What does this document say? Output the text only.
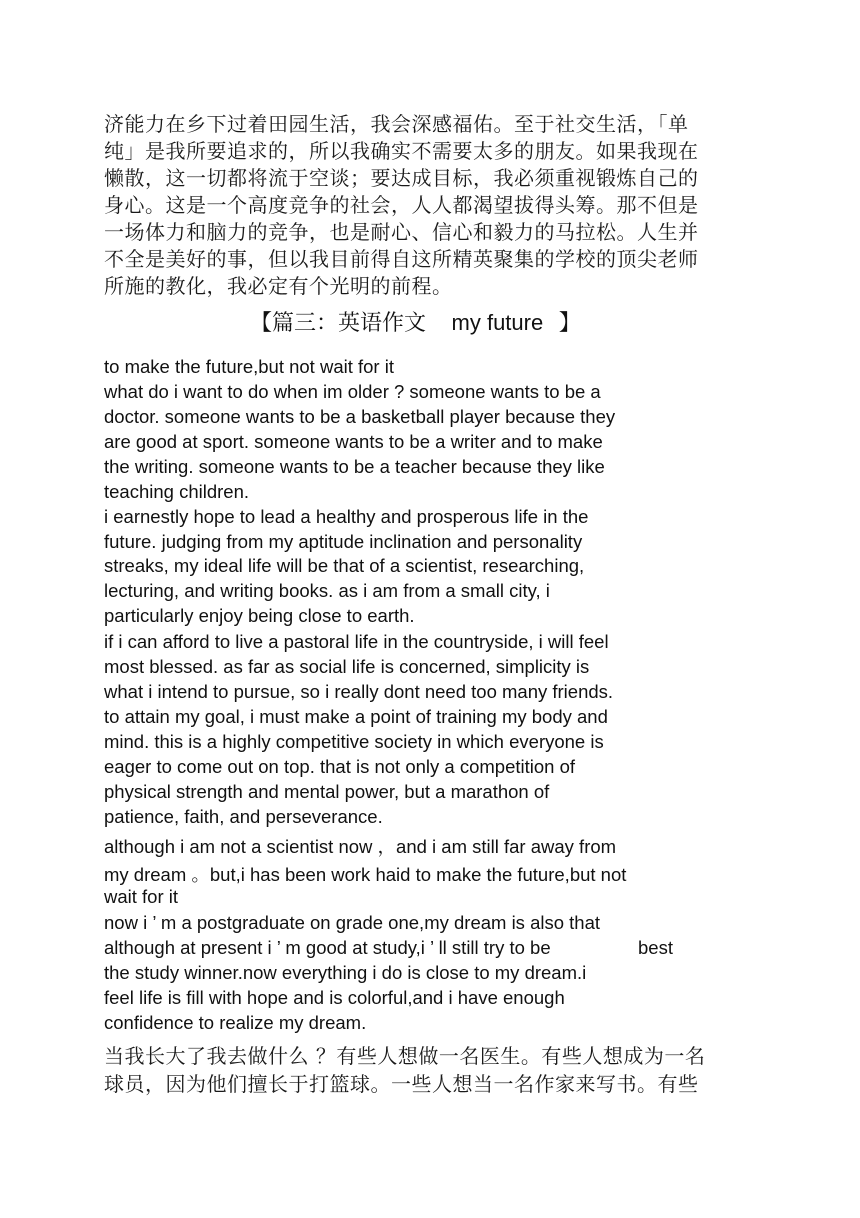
济能力在乡下过着田园生活，我会深感福佑。至于社交生活，「单
纯」是我所要追求的，所以我确实不需要太多的朋友。如果我现在
懒散，这一切都将流于空谈；要达成目标，我必须重视锻炼自己的
身心。这是一个高度竞争的社会，人人都渴望拔得头筹。那不但是
一场体力和脑力的竞争，也是耐心、信心和毅力的马拉松。人生并
不全是美好的事，但以我目前得自这所精英聚集的学校的顶尖老师
所施的教化，我必定有个光明的前程。
【篇三：英语作文 my future 】
to make the future,but not wait for it
what do i want to do when im older ? someone wants to be a
doctor. someone wants to be a basketball player because they
are good at sport. someone wants to be a writer and to make
the writing. someone wants to be a teacher because they like
teaching children.
i earnestly hope to lead a healthy and prosperous life in the
future. judging from my aptitude inclination and personality
streaks, my ideal life will be that of a scientist, researching,
lecturing, and writing books. as i am from a small city, i
particularly enjoy being close to earth.
if i can afford to live a pastoral life in the countryside, i will feel
most blessed. as far as social life is concerned, simplicity is
what i intend to pursue, so i really dont need too many friends.
to attain my goal, i must make a point of training my body and
mind. this is a highly competitive society in which everyone is
eager to come out on top. that is not only a competition of
physical strength and mental power, but a marathon of
patience, faith, and perseverance.
although i am not a scientist now ，and i am still far away from
my dream 。but,i has been work haid to make the future,but not
wait for it
now i ’ m a postgraduate on grade one,my dream is also that
although at present i ’ m good at study,i ’ ll still try to be	best
the study winner.now everything i do is close to my dream.i
feel life is fill with hope and is colorful,and i have enough
confidence to realize my dream.
当我长大了我去做什么 ？有些人想做一名医生。有些人想成为一名
球员，因为他们擅长于打篮球。一些人想当一名作家来写书。有些
